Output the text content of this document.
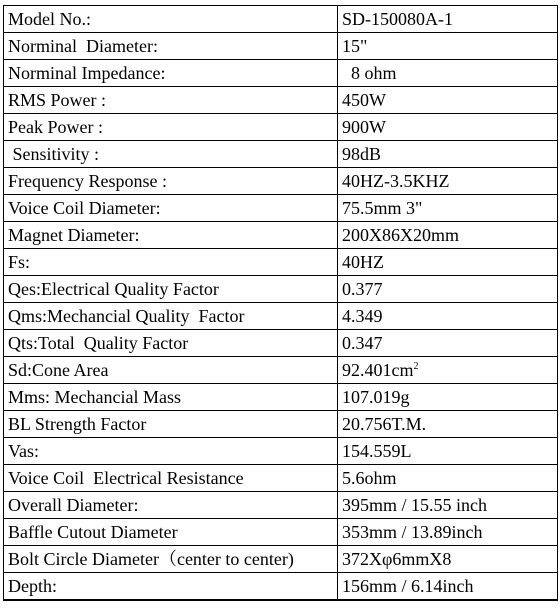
Model No.:	SD-150080A-1
Norminal  Diameter:	15"
Norminal Impedance:	8 ohm
RMS Power :	450W
Peak Power :	900W
Sensitivity :	98dB
Frequency Response :	40HZ-3.5KHZ
Voice Coil Diameter:	75.5mm 3"
Magnet Diameter:	200X86X20mm
Fs:	40HZ
Qes:Electrical Quality Factor	0.377
Qms:Mechancial Quality  Factor	4.349
Qts:Total  Quality Factor	0.347
Sd:Cone Area	$92.401cm^2$
Mms: Mechancial Mass	107.019g
BL Strength Factor	20.756T.M.
Vas:	154.559L
Voice Coil  Electrical Resistance	5.6ohm
Overall Diameter:	395mm / 15.55 inch
Baffle Cutout Diameter	353mm / 13.89inch
Bolt Circle Diameter（center to center)	372Xφ6mmX8
Depth:	156mm / 6.14inch
